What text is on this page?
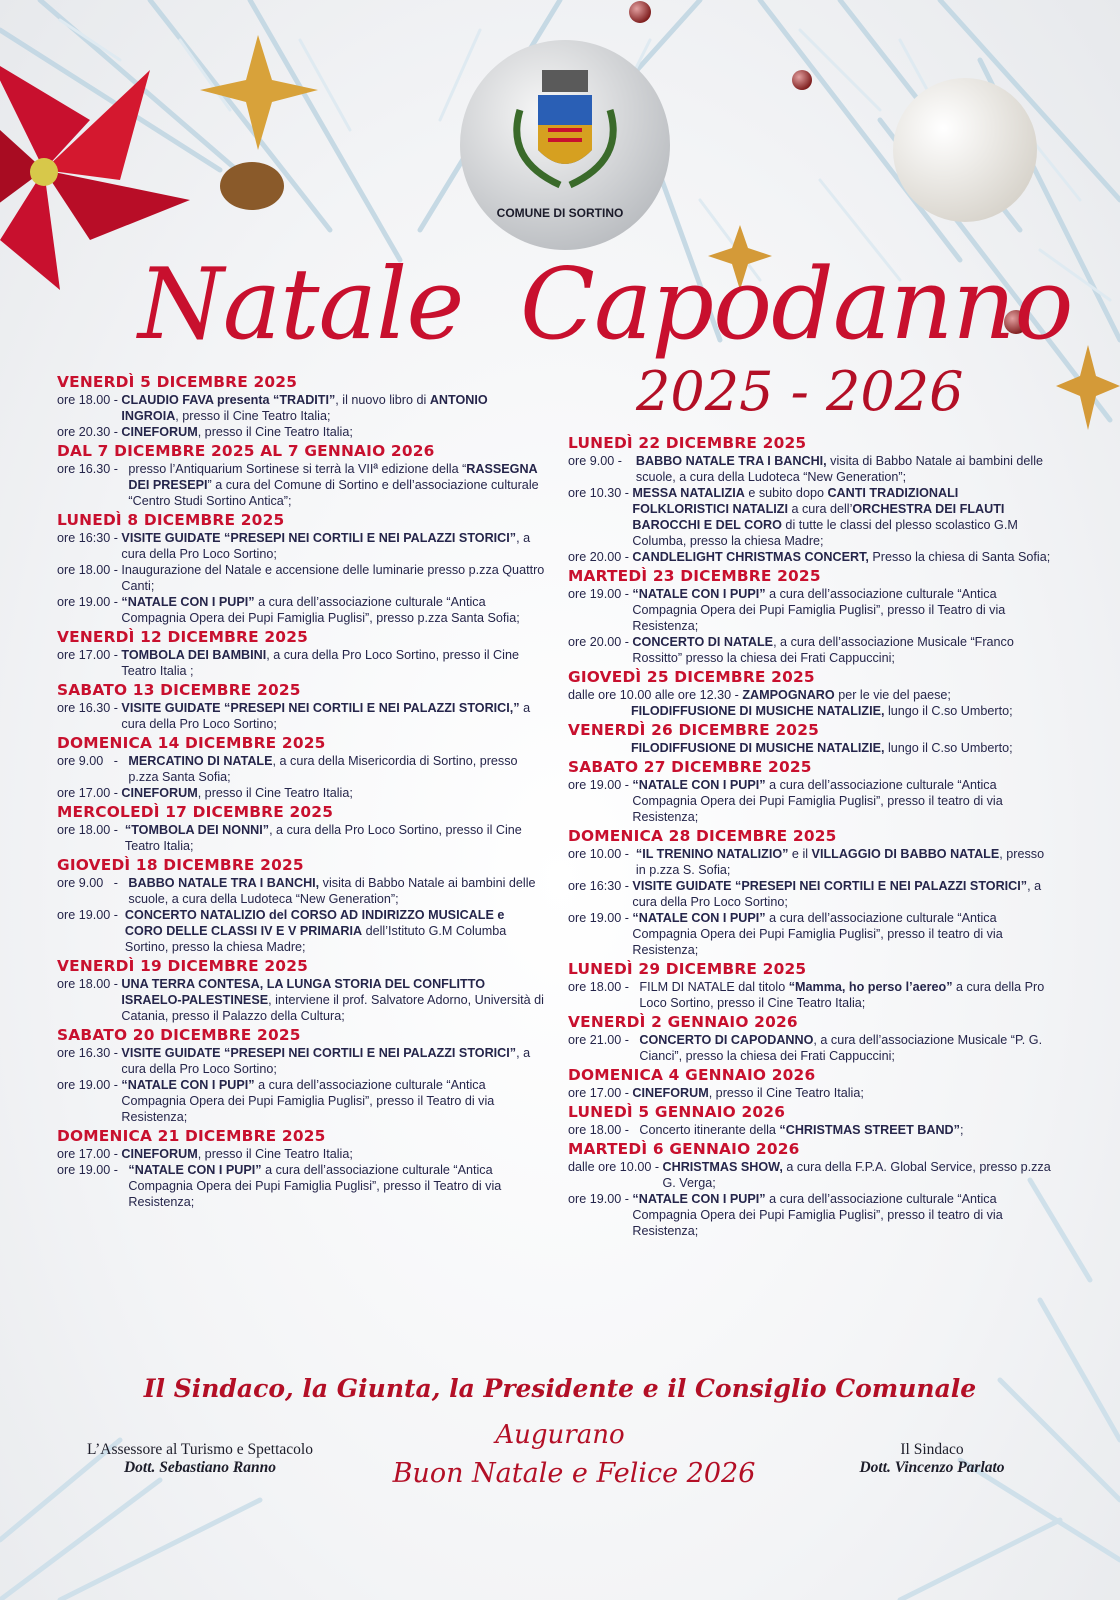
COMUNE DI SORTINO
Natale Capodanno
2025 - 2026
VENERDÌ 5 DICEMBRE 2025
ore 18.00 - CLAUDIO FAVA presenta “TRADITI”, il nuovo libro di ANTONIO INGROIA, presso il Cine Teatro Italia;
ore 20.30 - CINEFORUM, presso il Cine Teatro Italia;
DAL 7 DICEMBRE 2025 AL 7 GENNAIO 2026
ore 16.30 - presso l’Antiquarium Sortinese si terrà la VIIª edizione della “RASSEGNA DEI PRESEPI” a cura del Comune di Sortino e dell’associazione culturale “Centro Studi Sortino Antica”;
LUNEDÌ 8 DICEMBRE 2025
ore 16:30 - VISITE GUIDATE “PRESEPI NEI CORTILI E NEI PALAZZI STORICI”, a cura della Pro Loco Sortino;
ore 18.00 - Inaugurazione del Natale e accensione delle luminarie presso p.zza Quattro Canti;
ore 19.00 - “NATALE CON I PUPI” a cura dell’associazione culturale “Antica Compagnia Opera dei Pupi Famiglia Puglisi”, presso p.zza Santa Sofia;
VENERDÌ 12 DICEMBRE 2025
ore 17.00 - TOMBOLA DEI BAMBINI, a cura della Pro Loco Sortino, presso il Cine Teatro Italia ;
SABATO 13 DICEMBRE 2025
ore 16.30 - VISITE GUIDATE “PRESEPI NEI CORTILI E NEI PALAZZI STORICI,” a cura della Pro Loco Sortino;
DOMENICA 14 DICEMBRE 2025
ore 9.00   - MERCATINO DI NATALE, a cura della Misericordia di Sortino, presso p.zza Santa Sofia;
ore 17.00 - CINEFORUM, presso il Cine Teatro Italia;
MERCOLEDÌ 17 DICEMBRE 2025
ore 18.00 - “TOMBOLA DEI NONNI”, a cura della Pro Loco Sortino, presso il Cine Teatro Italia;
GIOVEDÌ 18 DICEMBRE 2025
ore 9.00   - BABBO NATALE TRA I BANCHI, visita di Babbo Natale ai bambini delle scuole, a cura della Ludoteca “New Generation”;
ore 19.00 - CONCERTO NATALIZIO del CORSO AD INDIRIZZO MUSICALE e CORO DELLE CLASSI IV E V PRIMARIA dell’Istituto G.M Columba Sortino, presso la chiesa Madre;
VENERDÌ 19 DICEMBRE 2025
ore 18.00 - UNA TERRA CONTESA, LA LUNGA STORIA DEL CONFLITTO ISRAELO-PALESTINESE, interviene il prof. Salvatore Adorno, Università di Catania, presso il Palazzo della Cultura;
SABATO 20 DICEMBRE 2025
ore 16.30 - VISITE GUIDATE “PRESEPI NEI CORTILI E NEI PALAZZI STORICI”, a cura della Pro Loco Sortino;
ore 19.00 - “NATALE CON I PUPI” a cura dell’associazione culturale “Antica Compagnia Opera dei Pupi Famiglia Puglisi”, presso il Teatro di via Resistenza;
DOMENICA 21 DICEMBRE 2025
ore 17.00 - CINEFORUM, presso il Cine Teatro Italia;
ore 19.00 - “NATALE CON I PUPI” a cura dell’associazione culturale “Antica Compagnia Opera dei Pupi Famiglia Puglisi”, presso il Teatro di via Resistenza;
LUNEDÌ 22 DICEMBRE 2025
ore 9.00 - BABBO NATALE TRA I BANCHI, visita di Babbo Natale ai bambini delle scuole, a cura della Ludoteca “New Generation”;
ore 10.30 - MESSA NATALIZIA e subito dopo CANTI TRADIZIONALI FOLKLORISTICI NATALIZI a cura dell’ORCHESTRA DEI FLAUTI BAROCCHI E DEL CORO di tutte le classi del plesso scolastico G.M Columba, presso la chiesa Madre;
ore 20.00 - CANDLELIGHT CHRISTMAS CONCERT, Presso la chiesa di Santa Sofia;
MARTEDÌ 23 DICEMBRE 2025
ore 19.00 - “NATALE CON I PUPI” a cura dell’associazione culturale “Antica Compagnia Opera dei Pupi Famiglia Puglisi”, presso il Teatro di via Resistenza;
ore 20.00 - CONCERTO DI NATALE, a cura dell’associazione Musicale “Franco Rossitto” presso la chiesa dei Frati Cappuccini;
GIOVEDÌ 25 DICEMBRE 2025
dalle ore 10.00 alle ore 12.30 - ZAMPOGNARO per le vie del paese;

FILODIFFUSIONE DI MUSICHE NATALIZIE, lungo il C.so Umberto;
VENERDÌ 26 DICEMBRE 2025

FILODIFFUSIONE DI MUSICHE NATALIZIE, lungo il C.so Umberto;
SABATO 27 DICEMBRE 2025
ore 19.00 - “NATALE CON I PUPI” a cura dell’associazione culturale “Antica Compagnia Opera dei Pupi Famiglia Puglisi”, presso il teatro di via Resistenza;
DOMENICA 28 DICEMBRE 2025
ore 10.00 - “IL TRENINO NATALIZIO” e il VILLAGGIO DI BABBO NATALE, presso in p.zza S. Sofia;
ore 16:30 - VISITE GUIDATE “PRESEPI NEI CORTILI E NEI PALAZZI STORICI”, a cura della Pro Loco Sortino;
ore 19.00 - “NATALE CON I PUPI” a cura dell’associazione culturale “Antica Compagnia Opera dei Pupi Famiglia Puglisi”, presso il teatro di via Resistenza;
LUNEDÌ 29 DICEMBRE 2025
ore 18.00 - FILM DI NATALE dal titolo “Mamma, ho perso l’aereo” a cura della Pro Loco Sortino, presso il Cine Teatro Italia;
VENERDÌ 2 GENNAIO 2026
ore 21.00 - CONCERTO DI CAPODANNO, a cura dell’associazione Musicale “P. G. Cianci”, presso la chiesa dei Frati Cappuccini;
DOMENICA 4 GENNAIO 2026
ore 17.00 - CINEFORUM, presso il Cine Teatro Italia;
LUNEDÌ 5 GENNAIO 2026
ore 18.00 - Concerto itinerante della “CHRISTMAS STREET BAND”;
MARTEDÌ 6 GENNAIO 2026
dalle ore 10.00 - CHRISTMAS SHOW, a cura della F.P.A. Global Service, presso p.zza G. Verga;
ore 19.00 - “NATALE CON I PUPI” a cura dell’associazione culturale “Antica Compagnia Opera dei Pupi Famiglia Puglisi”, presso il teatro di via Resistenza;
Il Sindaco, la Giunta, la Presidente e il Consiglio Comunale
Augurano
Buon Natale e Felice 2026
L’Assessore al Turismo e Spettacolo
Dott. Sebastiano Ranno
Il Sindaco
Dott. Vincenzo Parlato
